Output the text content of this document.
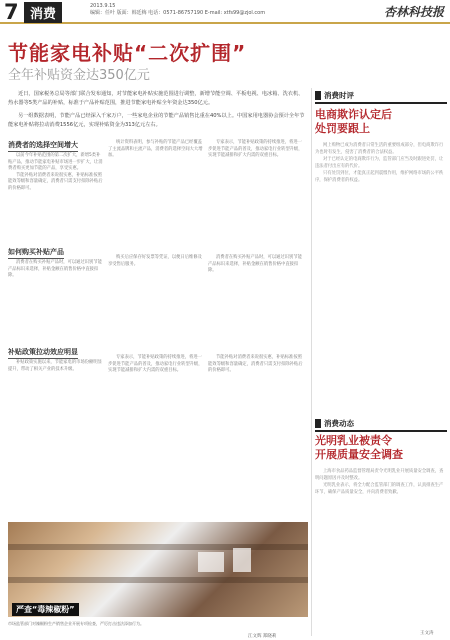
7 消费
2013.9.15
编辑：任叶 版面：韩廷梅 电话：0571-86757190 E-mail: xtfs99@zjol.com	杏林科技报
节能家电补贴“二次扩围”
全年补贴资金达350亿元

近日，国家税务总局等部门联合发布通知，对节能家电补贴实施范围进行调整，新增节能空调、平板电视、电冰箱、洗衣机、热水器等5类产品的补贴，标准于产品补贴范围，推进节能家电补贴全年资金达350亿元。

另一组数据表明，节能产品已经深入千家万户，一些家电企业的节能产品销售比重在40%以上。中国家用电器协会预计全年节能家电补贴将拉动消费1556亿元，实现补贴资金为313亿元左右。

消费者的选择空间增大

以前今年补贴范围的第二次扩大，新增5类补贴产品，推动节能家电补贴市场进一步扩大，让消费者购买更加节能的产品，享受实惠。

节能补贴对消费者来说很实惠，补贴标准按照能效等级和容量确定，消费者只需支付扣除补贴后的价格即可。

统计资料表明，参与补贴的节能产品已经覆盖了主流品牌和主流产品，消费者的选择空间大大增加。

专家表示，节能补贴政策的持续推进，将进一步促进节能产品的普及，推动家电行业转型升级，实现节能减排和扩大内需的双重目标。

如何购买补贴产品

消费者在购买补贴产品时，可以通过识别节能产品标识来选择，补贴金额在销售价格中直接扣除。

购买后应保存好发票等凭证，以便日后维修及享受售后服务。

消费者在购买补贴产品时，可以通过识别节能产品标识来选择，补贴金额在销售价格中直接扣除。

补贴政策拉动效应明显

补贴政策实施以来，节能家电的市场份额明显提升，带动了相关产业的技术升级。

专家表示，节能补贴政策的持续推进，将进一步促进节能产品的普及，推动家电行业转型升级，实现节能减排和扩大内需的双重目标。

节能补贴对消费者来说很实惠，补贴标准按照能效等级和容量确定，消费者只需支付扣除补贴后的价格即可。

严查“毒辣椒粉”
市场监管部门对辣椒粉生产销售企业开展专项检查，严厉打击违法添加行为。
江文辉 郑晓莉
消费时评
电商欺诈认定后
处罚要跟上

网上购物已成为消费者日常生活的重要组成部分，但电商欺诈行为也时有发生，侵害了消费者的合法权益。

对于已经认定的电商欺诈行为，监管部门应当及时跟进处罚，让违法者付出应有的代价。

只有处罚到位，才能真正起到震慑作用，维护网络市场的公平秩序，保护消费者的权益。

消费动态
光明乳业被责令
开展质量安全调查

上海市食品药品监督管理局责令光明乳业开展质量安全调查，查明问题原因并及时整改。

光明乳业表示，将全力配合监管部门的调查工作，认真排查生产环节，确保产品质量安全，并向消费者致歉。

王文涛
